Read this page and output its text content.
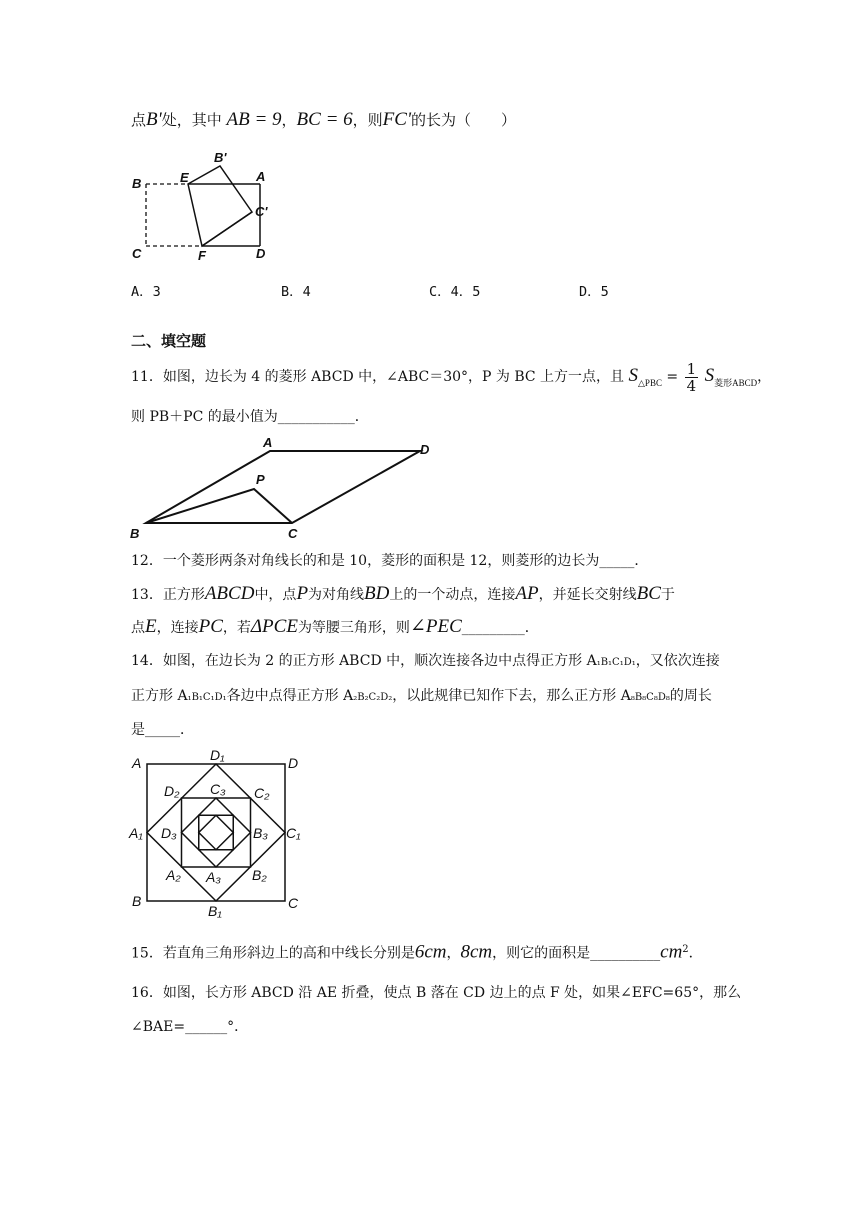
点B'处，其中 AB = 9，BC = 6，则FC'的长为（　　）
B'
E	A
B
C'
C	F	D
A．3	B．4	C．4．5	D．5
二、填空题
11．如图，边长为 4 的菱形 ABCD 中，∠ABC＝30°，P 为 BC 上方一点，且 $S_{\triangle PBC} = \frac{1}{4} S_{菱形ABCD}$，
则 PB＋PC 的最小值为___________．
A	D
P
B	C
12．一个菱形两条对角线长的和是 10，菱形的面积是 12，则菱形的边长为_____．
13．正方形ABCD中，点P为对角线BD上的一个动点，连接AP，并延长交射线BC于
点E，连接PC，若ΔPCE为等腰三角形，则∠PEC_________．
14．如图，在边长为 2 的正方形 ABCD 中，顺次连接各边中点得正方形 A₁B₁C₁D₁，又依次连接
正方形 A₁B₁C₁D₁各边中点得正方形 A₂B₂C₂D₂，以此规律已知作下去，那么正方形 A₈B₈C₈D₈的周长
是_____．
A	D₁	D
D₂ C₃ C₂
A₁ D₃	B₃ C₁
A₂ A₃ B₂
B
B₁	C
15．若直角三角形斜边上的高和中线长分别是6cm，8cm，则它的面积是$\_\_\_\_\_\_\_\_\_\_cm^2$．
16．如图，长方形 ABCD 沿 AE 折叠，使点 B 落在 CD 边上的点 F 处，如果∠EFC=65°，那么
∠BAE=______°．
